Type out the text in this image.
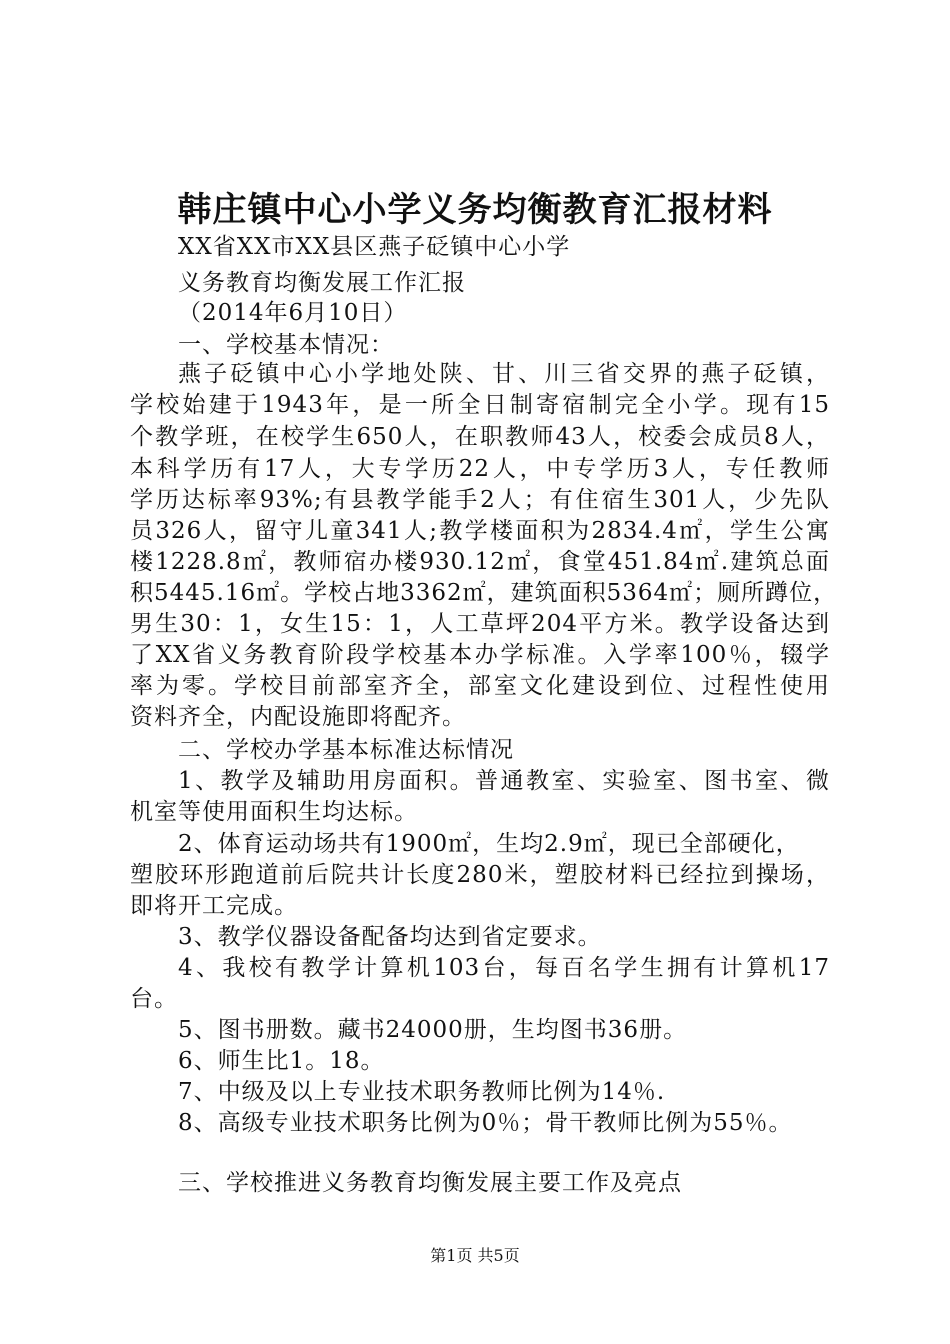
韩庄镇中心小学义务均衡教育汇报材料
XX省XX市XX县区燕子砭镇中心小学
义务教育均衡发展工作汇报
（2014年6月10日）
一、学校基本情况：
燕子砭镇中心小学地处陕、甘、川三省交界的燕子砭镇，
学校始建于1943年，是一所全日制寄宿制完全小学。现有15
个教学班，在校学生650人，在职教师43人，校委会成员8人，
本科学历有17人，大专学历22人，中专学历3人，专任教师
学历达标率93%;有县教学能手2人；有住宿生301人，少先队
员326人，留守儿童341人;教学楼面积为2834.4㎡，学生公寓
楼1228.8㎡，教师宿办楼930.12㎡，食堂451.84㎡.建筑总面
积5445.16㎡。学校占地3362㎡，建筑面积5364㎡；厕所蹲位，
男生30：1，女生15：1，人工草坪204平方米。教学设备达到
了XX省义务教育阶段学校基本办学标准。入学率100％，辍学
率为零。学校目前部室齐全，部室文化建设到位、过程性使用
资料齐全，内配设施即将配齐。
二、学校办学基本标准达标情况
1、教学及辅助用房面积。普通教室、实验室、图书室、微
机室等使用面积生均达标。
2、体育运动场共有1900㎡，生均2.9㎡，现已全部硬化，
塑胶环形跑道前后院共计长度280米，塑胶材料已经拉到操场，
即将开工完成。
3、教学仪器设备配备均达到省定要求。
4、我校有教学计算机103台，每百名学生拥有计算机17
台。
5、图书册数。藏书24000册，生均图书36册。
6、师生比1。18。
7、中级及以上专业技术职务教师比例为14％.
8、高级专业技术职务比例为0％；骨干教师比例为55％。
三、学校推进义务教育均衡发展主要工作及亮点
第1页 共5页
